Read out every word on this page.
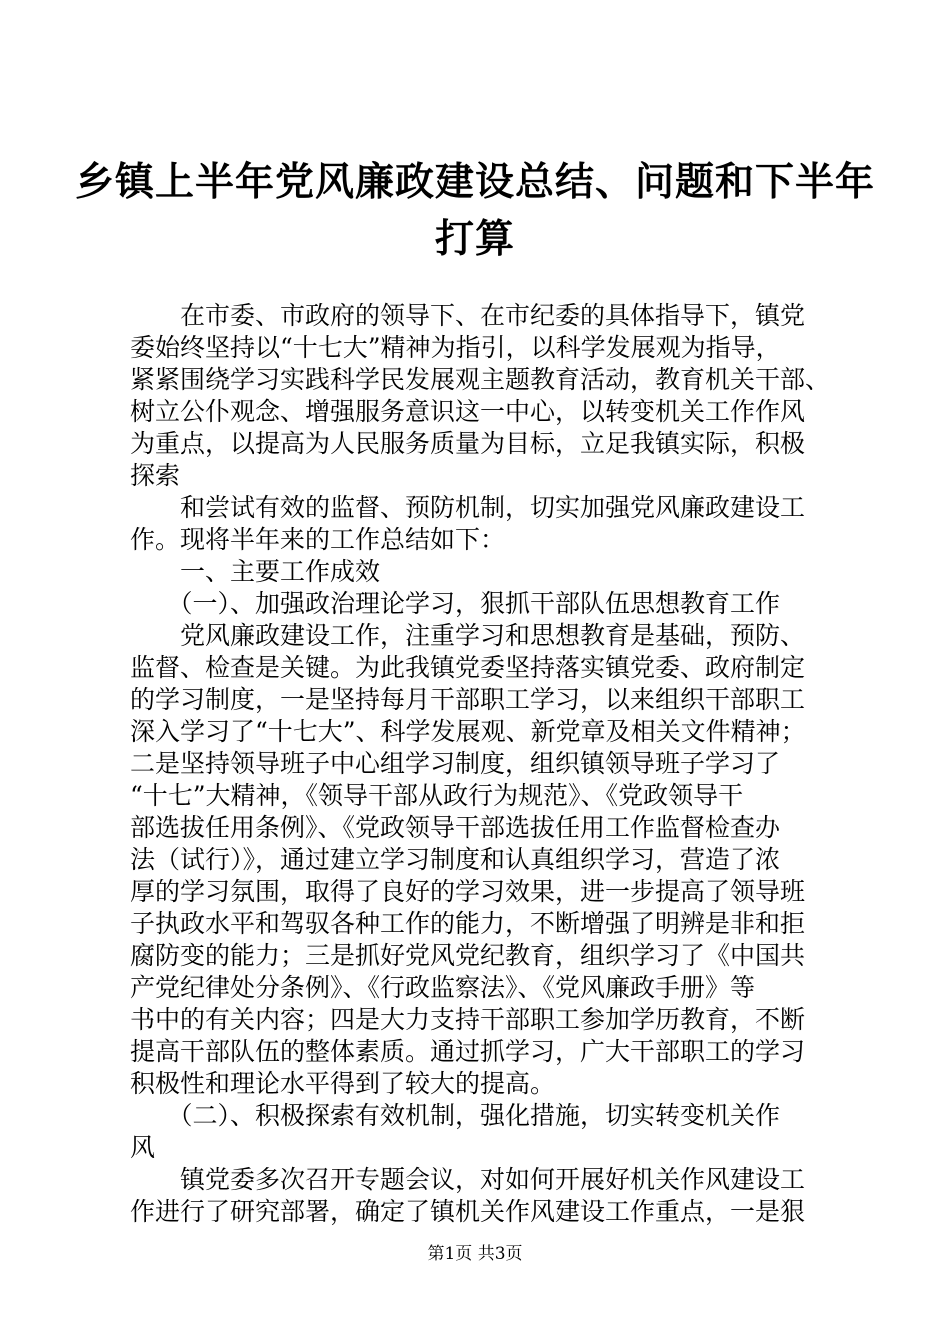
乡镇上半年党风廉政建设总结、问题和下半年
打算
　　在市委、市政府的领导下、在市纪委的具体指导下，镇党
委始终坚持以“十七大”精神为指引，以科学发展观为指导，
紧紧围绕学习实践科学民发展观主题教育活动，教育机关干部、
树立公仆观念、增强服务意识这一中心，以转变机关工作作风
为重点，以提高为人民服务质量为目标，立足我镇实际，积极
探索
　　和尝试有效的监督、预防机制，切实加强党风廉政建设工
作。现将半年来的工作总结如下：
　　一、主要工作成效
　　（一）、加强政治理论学习，狠抓干部队伍思想教育工作
　　党风廉政建设工作，注重学习和思想教育是基础，预防、
监督、检查是关键。为此我镇党委坚持落实镇党委、政府制定
的学习制度，一是坚持每月干部职工学习，以来组织干部职工
深入学习了“十七大”、科学发展观、新党章及相关文件精神；
二是坚持领导班子中心组学习制度，组织镇领导班子学习了
“十七”大精神，《领导干部从政行为规范》、《党政领导干
部选拔任用条例》、《党政领导干部选拔任用工作监督检查办
法（试行）》，通过建立学习制度和认真组织学习，营造了浓
厚的学习氛围，取得了良好的学习效果，进一步提高了领导班
子执政水平和驾驭各种工作的能力，不断增强了明辨是非和拒
腐防变的能力；三是抓好党风党纪教育，组织学习了《中国共
产党纪律处分条例》、《行政监察法》、《党风廉政手册》等
书中的有关内容；四是大力支持干部职工参加学历教育，不断
提高干部队伍的整体素质。通过抓学习，广大干部职工的学习
积极性和理论水平得到了较大的提高。
　　（二）、积极探索有效机制，强化措施，切实转变机关作
风
　　镇党委多次召开专题会议，对如何开展好机关作风建设工
作进行了研究部署，确定了镇机关作风建设工作重点，一是狠
第1页 共3页
